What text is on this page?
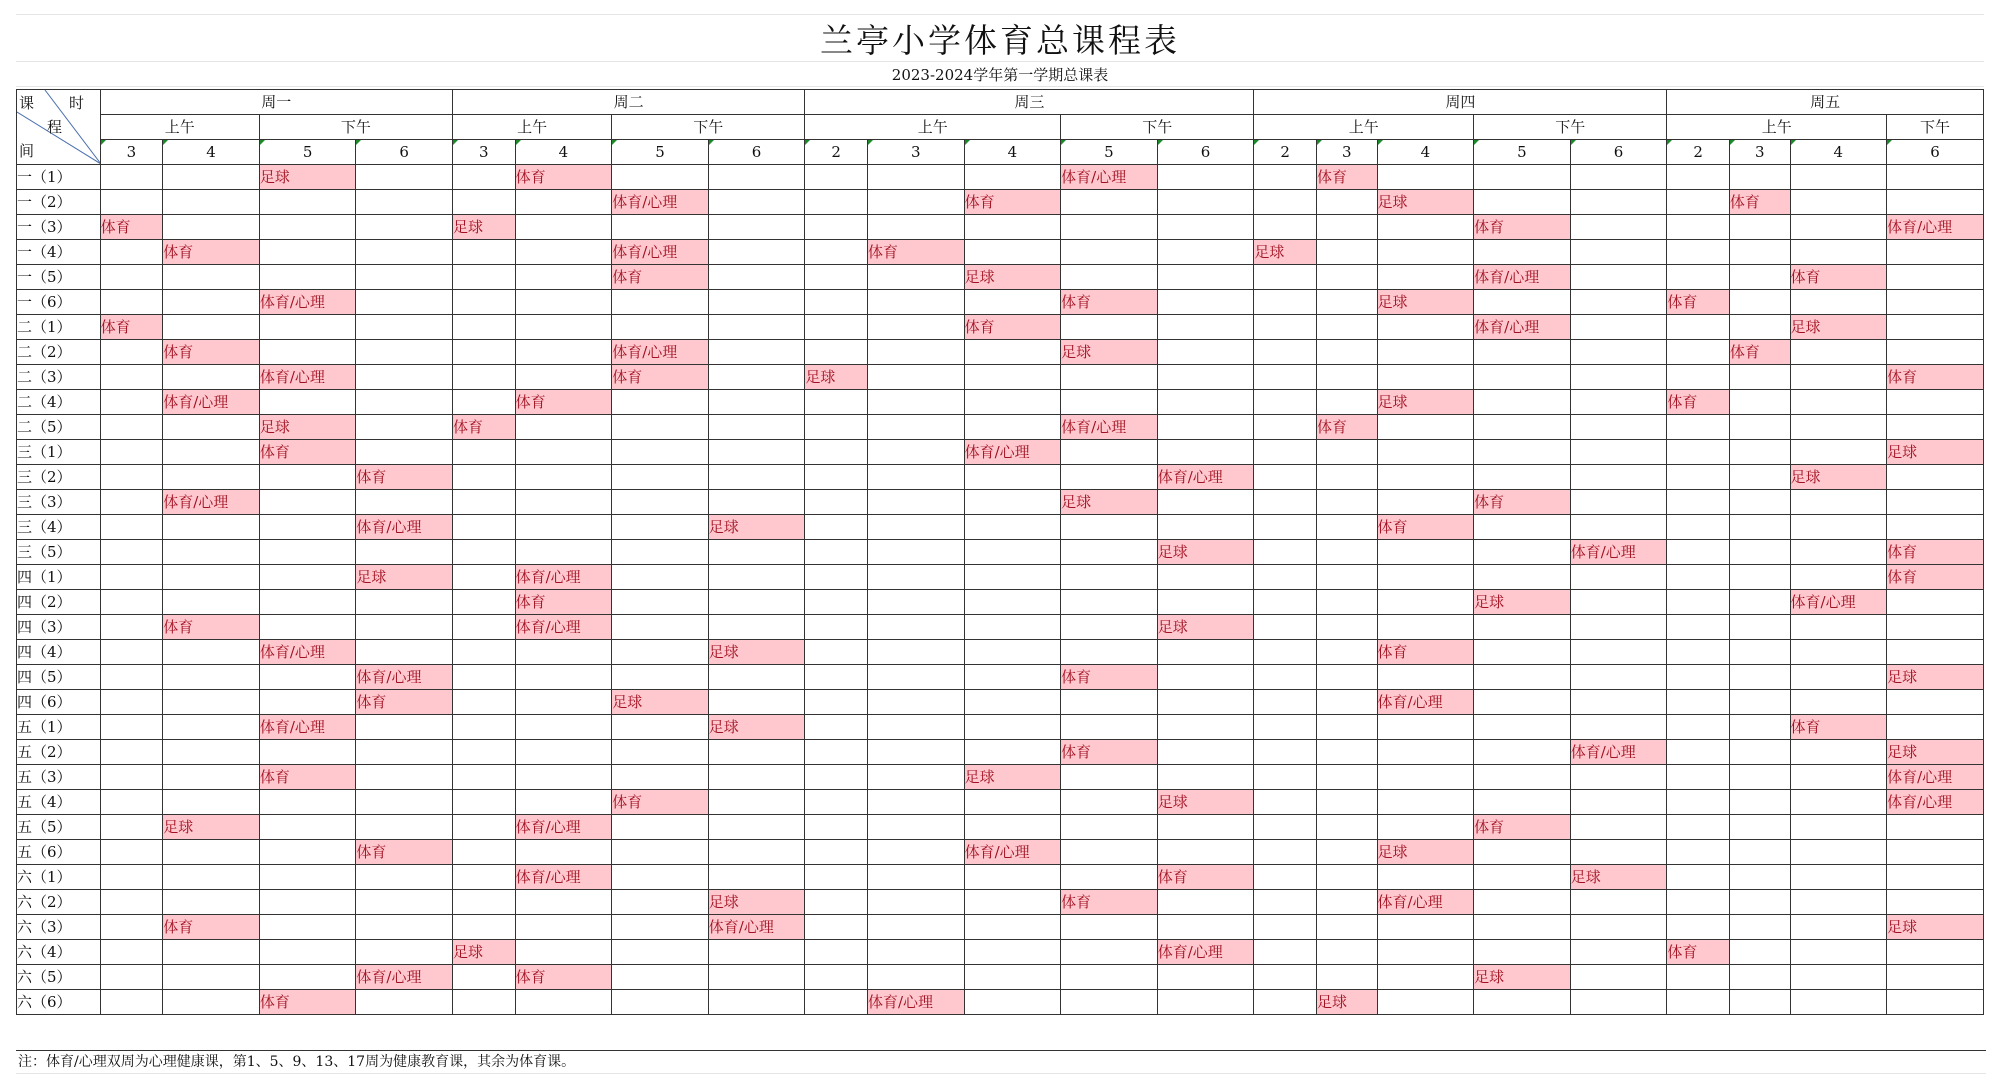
兰亭小学体育总课程表
2023-2024学年第一学期总课表
课 时
程
间	周一				周二				周三					周四					周五			
	上午		下午		上午		下午		上午			下午		上午			下午		上午			下午

3	4	5	6	3	4	5	6	2	3	4	5	6	2	3	4	5	6	2	3	4	6
一（1）			足球			体育						体育/心理			体育							
一（2）							体育/心理				体育					足球				体育		
一（3）	体育				足球												体育					体育/心理
一（4）		体育					体育/心理			体育				足球								
一（5）							体育				足球						体育/心理				体育	
一（6）			体育/心理									体育				足球			体育			
二（1）	体育										体育						体育/心理				足球	
二（2）		体育					体育/心理					足球								体育		
二（3）			体育/心理				体育		足球													体育
二（4）		体育/心理				体育										足球			体育			
二（5）			足球		体育							体育/心理			体育							
三（1）			体育								体育/心理											足球
三（2）				体育									体育/心理								足球	
三（3）		体育/心理										足球					体育					
三（4）				体育/心理				足球								体育						
三（5）													足球					体育/心理				体育
四（1）				足球		体育/心理																体育
四（2）						体育											足球				体育/心理	
四（3）		体育				体育/心理							足球									
四（4）			体育/心理					足球								体育						
四（5）				体育/心理								体育										足球
四（6）				体育			足球									体育/心理						
五（1）			体育/心理					足球													体育	
五（2）												体育						体育/心理				足球
五（3）			体育								足球											体育/心理
五（4）							体育						足球									体育/心理
五（5）		足球				体育/心理											体育					
五（6）				体育							体育/心理					足球						
六（1）						体育/心理							体育					足球				
六（2）								足球				体育				体育/心理						
六（3）		体育						体育/心理														足球
六（4）					足球								体育/心理						体育			
六（5）				体育/心理		体育											足球					
六（6）			体育							体育/心理					足球							
注：体育/心理双周为心理健康课，第1、5、9、13、17周为健康教育课，其余为体育课。
